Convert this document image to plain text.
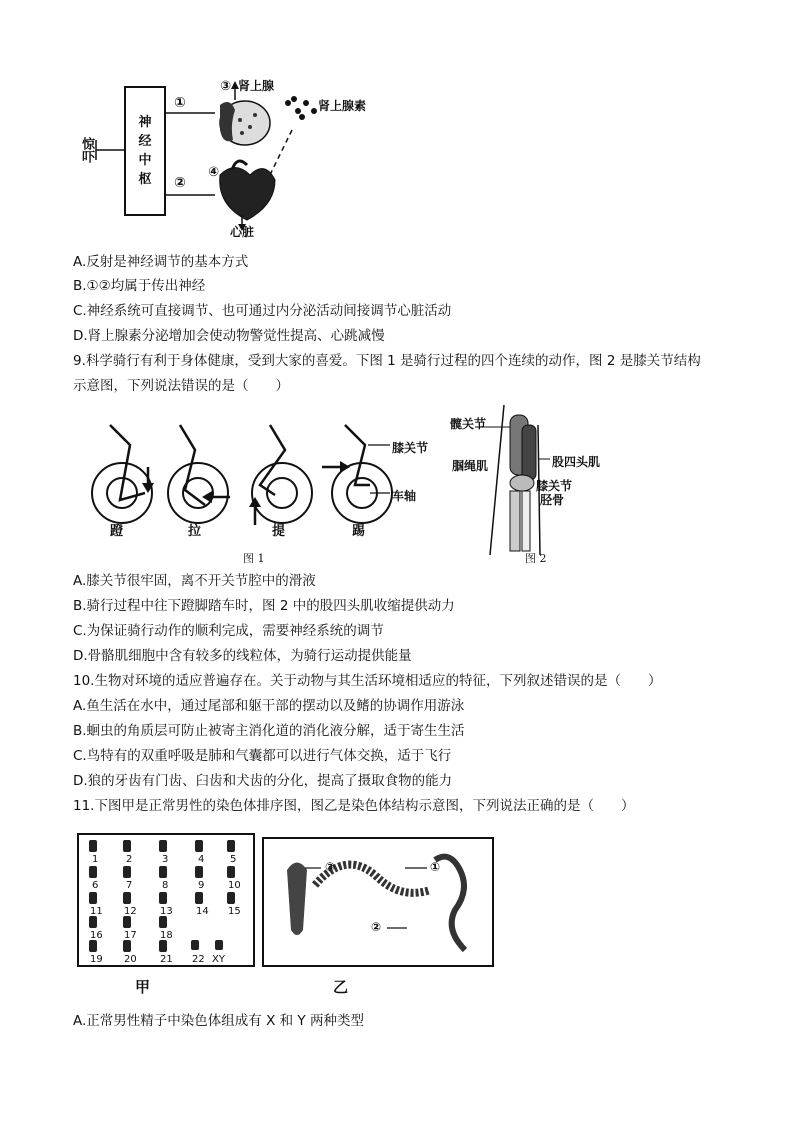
惊吓
神
经
中
枢
①
②
③
④
肾上腺
肾上腺素
心脏
A.反射是神经调节的基本方式
B.①②均属于传出神经
C.神经系统可直接调节、也可通过内分泌活动间接调节心脏活动
D.肾上腺素分泌增加会使动物警觉性提高、心跳减慢
9.科学骑行有利于身体健康，受到大家的喜爱。下图 1 是骑行过程的四个连续的动作，图 2 是膝关节结构
示意图，下列说法错误的是（　　）
蹬	拉	提	踢
膝关节
车轴
髋关节
腘绳肌	股四头肌
膝关节
胫骨
图 1	图 2
A.膝关节很牢固，离不开关节腔中的滑液
B.骑行过程中往下蹬脚踏车时，图 2 中的股四头肌收缩提供动力
C.为保证骑行动作的顺利完成，需要神经系统的调节
D.骨骼肌细胞中含有较多的线粒体，为骑行运动提供能量
10.生物对环境的适应普遍存在。关于动物与其生活环境相适应的特征，下列叙述错误的是（　　）
A.鱼生活在水中，通过尾部和躯干部的摆动以及鳍的协调作用游泳
B.蛔虫的角质层可防止被寄主消化道的消化液分解，适于寄生生活
C.鸟特有的双重呼吸是肺和气囊都可以进行气体交换，适于飞行
D.狼的牙齿有门齿、臼齿和犬齿的分化，提高了摄取食物的能力
11.下图甲是正常男性的染色体排序图，图乙是染色体结构示意图，下列说法正确的是（　　）
1	2	3	4	5
6	7	8	9 10
11 12 13 14 15
16 17 18
19 20 21 22 XY
③	①
②
甲	乙
A.正常男性精子中染色体组成有 X 和 Y 两种类型
